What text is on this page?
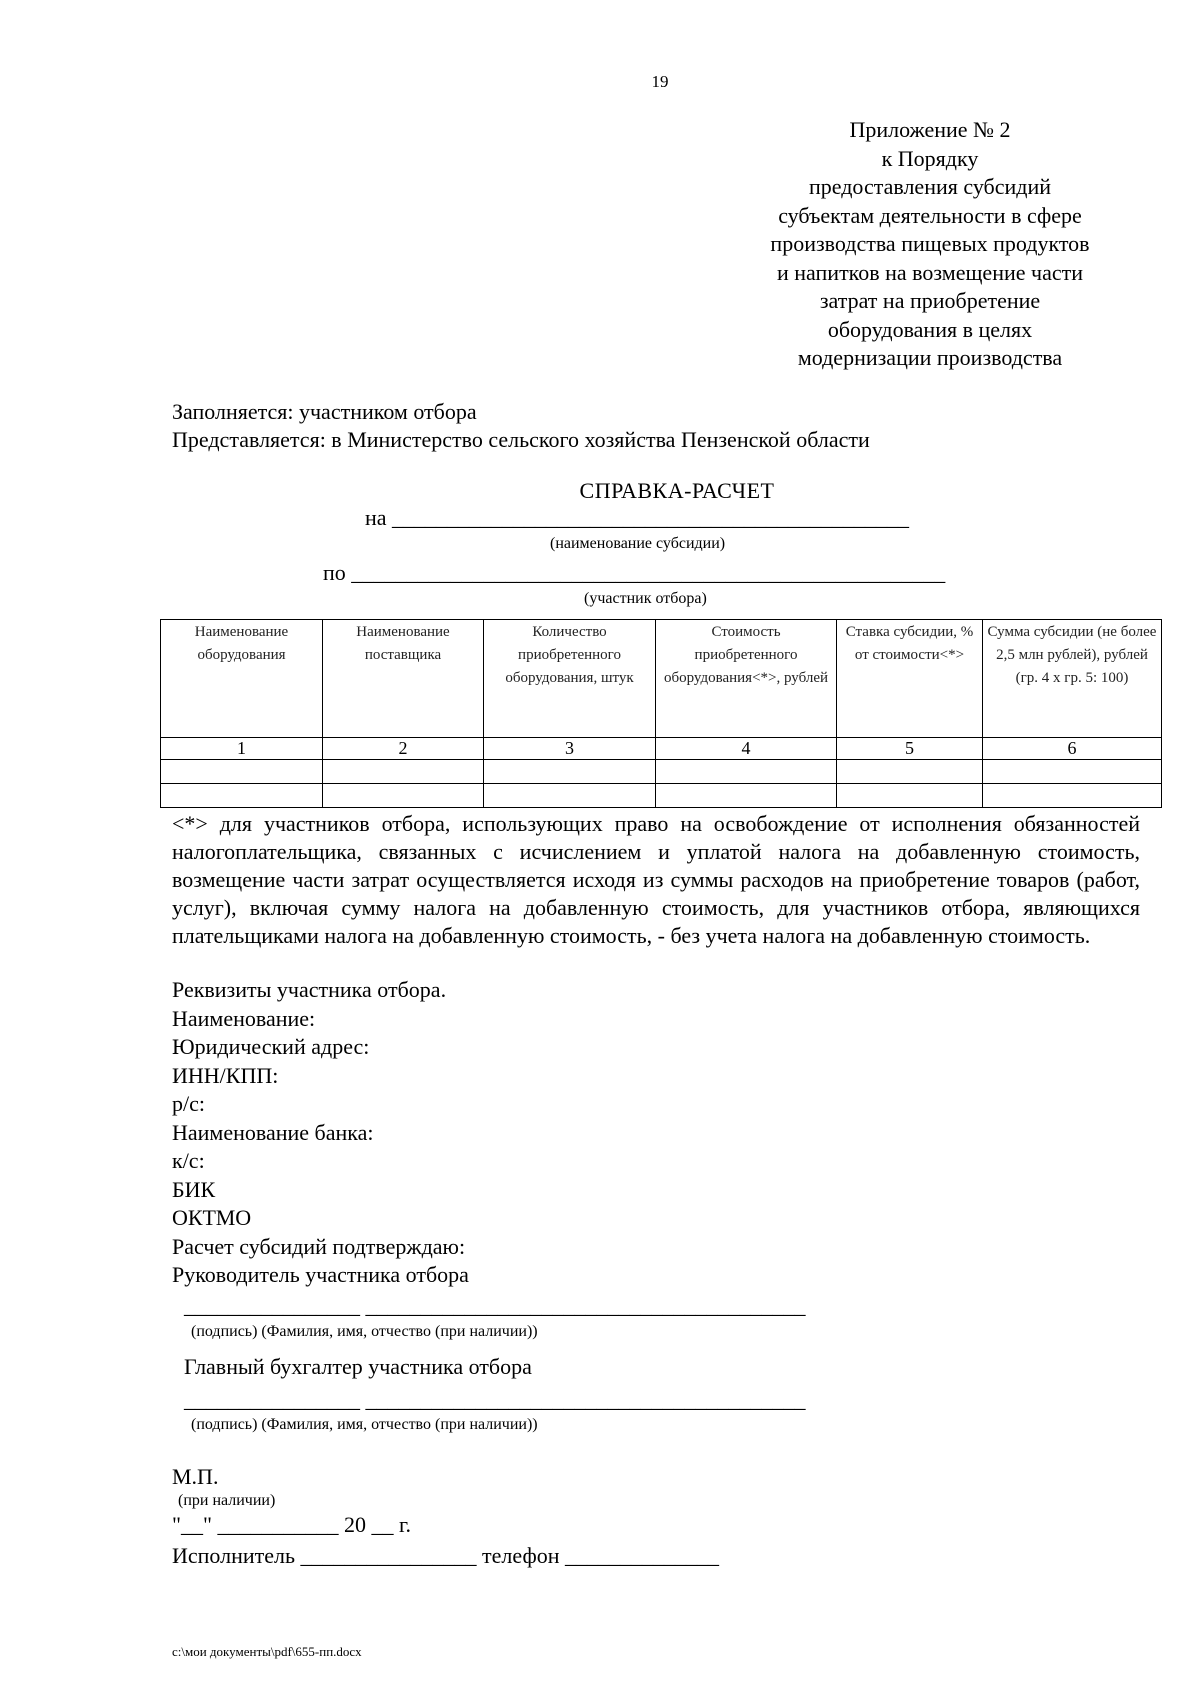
19
Приложение № 2
к Порядку
предоставления субсидий
субъектам деятельности в сфере
производства пищевых продуктов
и напитков на возмещение части
затрат на приобретение
оборудования в целях
модернизации производства
Заполняется: участником отбора
Представляется: в Министерство сельского хозяйства Пензенской области
СПРАВКА-РАСЧЕТ
на _______________________________________________
(наименование субсидии)
по ______________________________________________________
(участник отбора)
Наименование оборудования	Наименование поставщика	Количество приобретенного оборудования, штук	Стоимость приобретенного оборудования<*>, рублей	Ставка субсидии, % от стоимости<*>	Сумма субсидии (не более 2,5 млн рублей), рублей (гр. 4 x гр. 5: 100)
1	2	3	4	5	6

<*> для участников отбора, использующих право на освобождение от исполнения обязанностей налогоплательщика, связанных с исчислением и уплатой налога на добавленную стоимость, возмещение части затрат осуществляется исходя из суммы расходов на приобретение товаров (работ, услуг), включая сумму налога на добавленную стоимость, для участников отбора, являющихся плательщиками налога на добавленную стоимость, - без учета налога на добавленную стоимость.
Реквизиты участника отбора.
Наименование:
Юридический адрес:
ИНН/КПП:
р/с:
Наименование банка:
к/с:
БИК
ОКТМО
Расчет субсидий подтверждаю:
Руководитель участника отбора
________________ ________________________________________
(подпись) (Фамилия, имя, отчество (при наличии))
Главный бухгалтер участника отбора
________________ ________________________________________
(подпись) (Фамилия, имя, отчество (при наличии))
М.П.
(при наличии)
"__" ___________ 20 __ г.
Исполнитель ________________ телефон ______________
c:\мои документы\pdf\655-пп.docx
